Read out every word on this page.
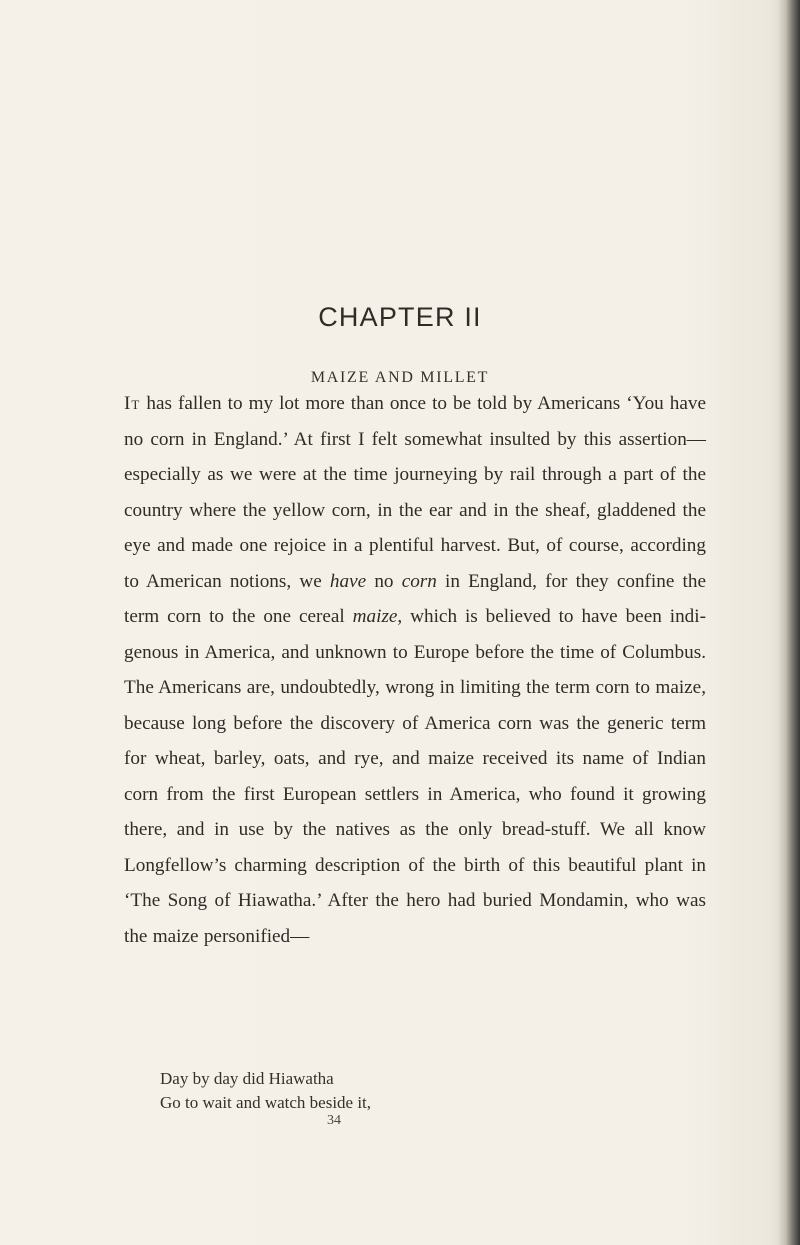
CHAPTER II
MAIZE AND MILLET

It has fallen to my lot more than once to be told by Americans ‘You have no corn in England.’ At first I felt somewhat insulted by this assertion—especially as we were at the time journeying by rail through a part of the country where the yellow corn, in the ear and in the sheaf, gladdened the eye and made one rejoice in a plentiful harvest. But, of course, according to American notions, we have no corn in England, for they confine the term corn to the one cereal maize, which is believed to have been indi-genous in America, and unknown to Europe before the time of Columbus. The Americans are, undoubtedly, wrong in limiting the term corn to maize, because long before the discovery of America corn was the generic term for wheat, barley, oats, and rye, and maize received its name of Indian corn from the first European settlers in America, who found it growing there, and in use by the natives as the only bread-stuff. We all know Longfellow’s charming description of the birth of this beautiful plant in ‘The Song of Hiawatha.’ After the hero had buried Mondamin, who was the maize personified—

Day by day did Hiawatha
Go to wait and watch beside it,
34
